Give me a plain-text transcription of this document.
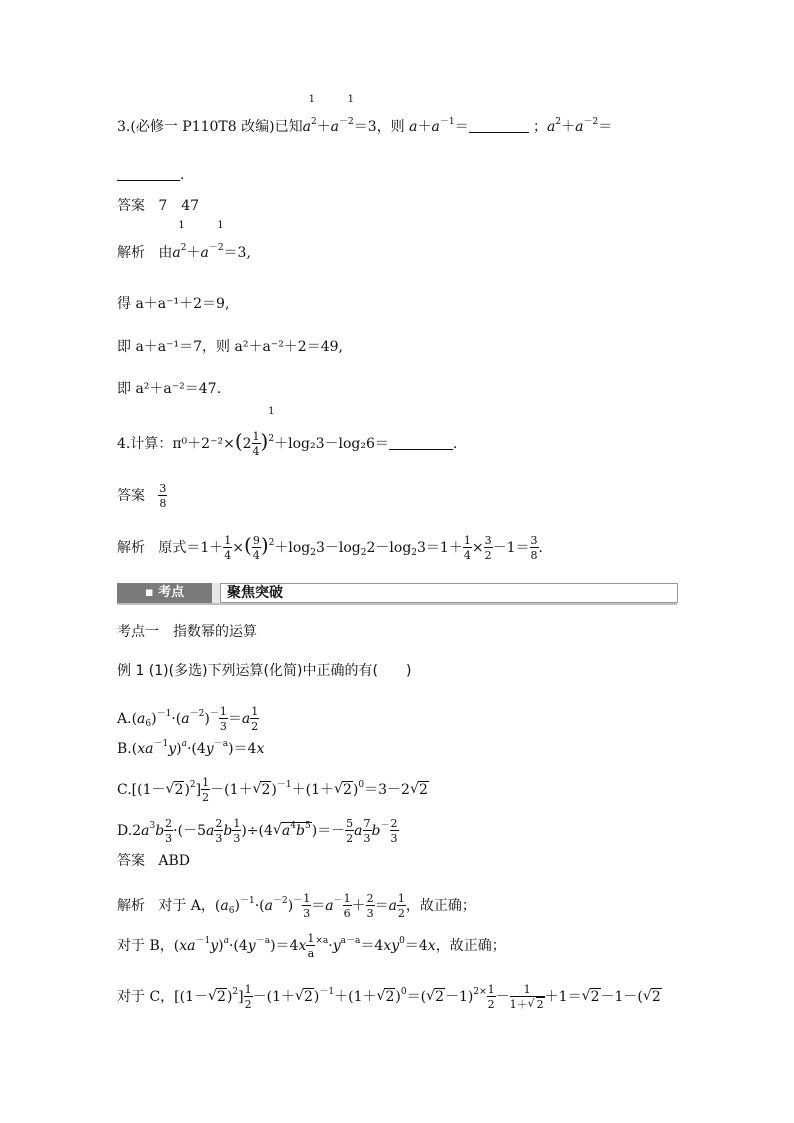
3.(必修一 P110T8 改编)已知$a^2$
1
$+a^{-2}$
1
＝3，则 $a+a^{-1}=$	；$a^2+a^{-2}=$
.
答案 7　47
解析 由$a^2$
1
$+a^{-2}$
1
＝3,
得 a＋a⁻¹＋2＝9,
即 a＋a⁻¹＝7，则 a²＋a⁻²＋2＝49,
即 a²＋a⁻²＝47.
4.计算：$\pi^0+2^{-2}\times(2 \frac{1}{4} )^2$
1
＋log₂3－log₂6＝	.
答案 $\frac{3}{8}$
解析 原式$=1+ \frac{1}{4}$ ×( $\frac{9}{4} )^2+\log_23-\log_22-\log_23=1+ \frac{1}{4} \times \frac{3}{2} -1= \frac{3}{8}$ .
▪ 考点	聚焦突破
考点一　指数幂的运算
例 1 (1)(多选)下列运算(化简)中正确的有(　　)
$A.(a_6)^{-1}\cdot(a^{-2})^- \frac{1}{3} =a \frac{1}{2}$
$B.(xa^{-1}y)^a\cdot(4y^{-a})=4x$
C.[(1－√ $2)^2] \frac{1}{2} -(1+√$ 2)$^{-1}$＋(1＋√ 2)$^0$＝3－2√ 2
$D.2a^3b \frac{2}{3} \cdot(-5a \frac{2}{3}$ b $\frac{1}{3} )\div(4√$ $a^4b^5)=- \frac{5}{2}$ a $\frac{7}{3} b^- \frac{2}{3}$
答案 ABD
解析 对于 A，$(a_6)^{-1}\cdot(a^{-2})^- \frac{1}{3} =a^- \frac{1}{6} + \frac{2}{3} =a \frac{1}{2}$ ，故正确；
对于 B，$(xa^{-1}y)^a\cdot(4y^{-a})=4x \frac{1}{a} ^{\times a}\cdot y^{a-a}=4xy^0=4x$，故正确；
对于 C，[(1－√ $2)^2] \frac{1}{2} -(1+√$ 2)$^{-1}$＋(1＋√ 2)$^0$＝(√ $2-1)^{2\times} \frac{1}{2} - \frac{1}{1+√ 2} +1=√$ 2－1－(√ 2
